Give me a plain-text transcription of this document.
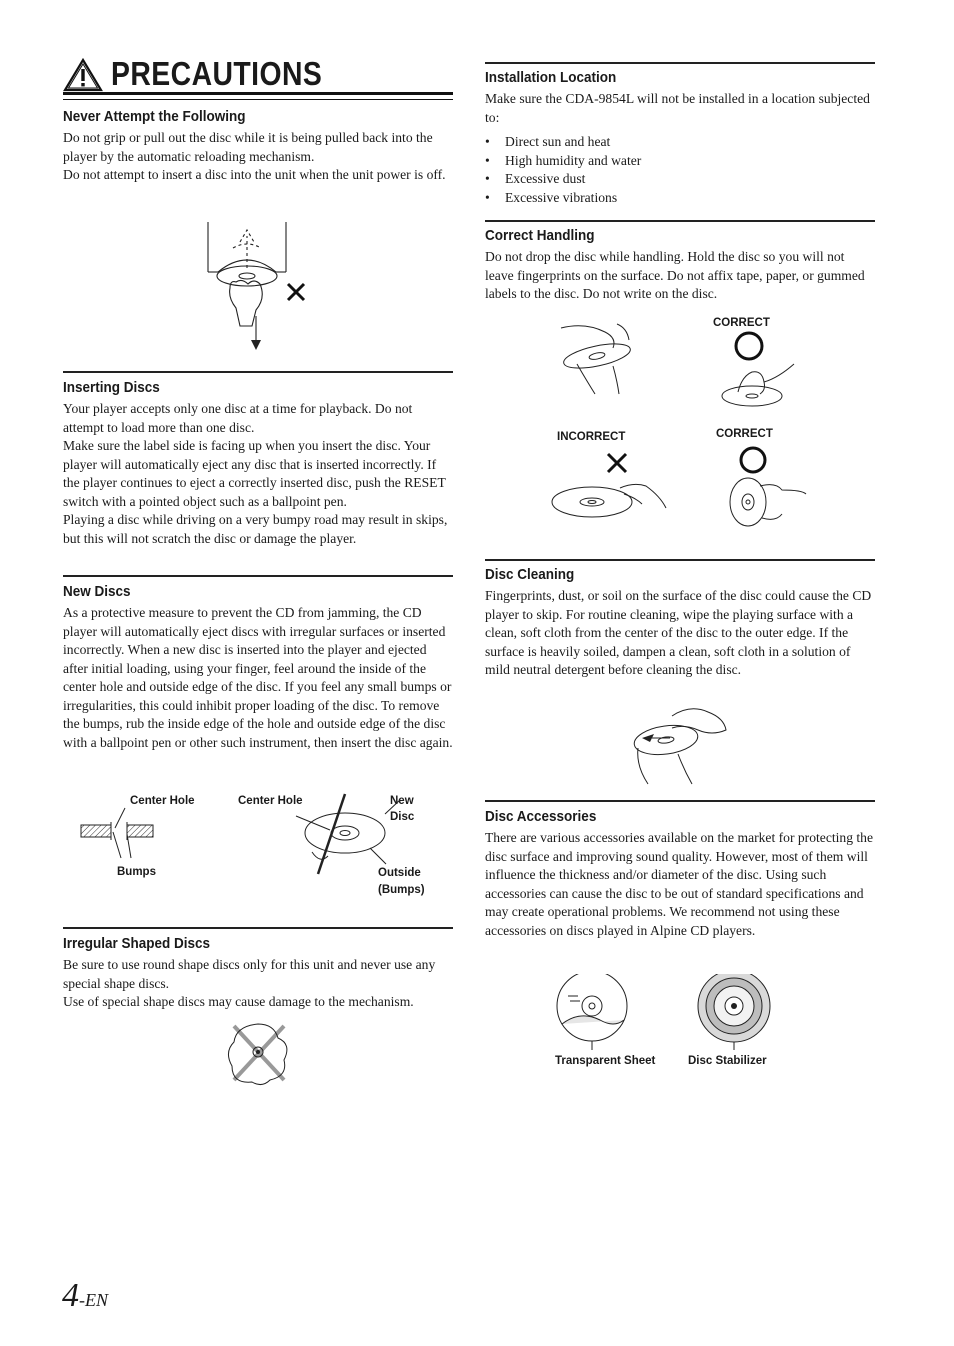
PRECAUTIONS
Never Attempt the Following

Do not grip or pull out the disc while it is being pulled back into the player by the automatic reloading mechanism.

Do not attempt to insert a disc into the unit when the unit power is off.

Inserting Discs

Your player accepts only one disc at a time for playback. Do not attempt to load more than one disc.

Make sure the label side is facing up when you insert the disc. Your player will automatically eject any disc that is inserted incorrectly. If the player continues to eject a correctly inserted disc, push the RESET switch with a pointed object such as a ballpoint pen.

Playing a disc while driving on a very bumpy road may result in skips, but this will not scratch the disc or damage the player.

New Discs

As a protective measure to prevent the CD from jamming, the CD player will automatically eject discs with irregular surfaces or inserted incorrectly. When a new disc is inserted into the player and ejected after initial loading, using your finger, feel around the inside of the center hole and outside edge of the disc. If you feel any small bumps or irregularities, this could inhibit proper loading of the disc. To remove the bumps, rub the inside edge of the hole and outside edge of the disc with a ballpoint pen or other such instrument, then insert the disc again.

Center Hole	Center Hole	New Disc
Bumps	Outside
(Bumps)
Irregular Shaped Discs

Be sure to use round shape discs only for this unit and never use any special shape discs.

Use of special shape discs may cause damage to the mechanism.

Installation Location

Make sure the CDA-9854L will not be installed in a location subjected to:

• Direct sun and heat
• High humidity and water
• Excessive dust
• Excessive vibrations
Correct Handling

Do not drop the disc while handling. Hold the disc so you will not leave fingerprints on the surface. Do not affix tape, paper, or gummed labels to the disc. Do not write on the disc.

CORRECT
INCORRECT	CORRECT
Disc Cleaning

Fingerprints, dust, or soil on the surface of the disc could cause the CD player to skip. For routine cleaning, wipe the playing surface with a clean, soft cloth from the center of the disc to the outer edge. If the surface is heavily soiled, dampen a clean, soft cloth in a solution of mild neutral detergent before cleaning the disc.

Disc Accessories

There are various accessories available on the market for protecting the disc surface and improving sound quality. However, most of them will influence the thickness and/or diameter of the disc. Using such accessories can cause the disc to be out of standard specifications and may create operational problems. We recommend not using these accessories on discs played in Alpine CD players.

Transparent Sheet	Disc Stabilizer
4-EN
